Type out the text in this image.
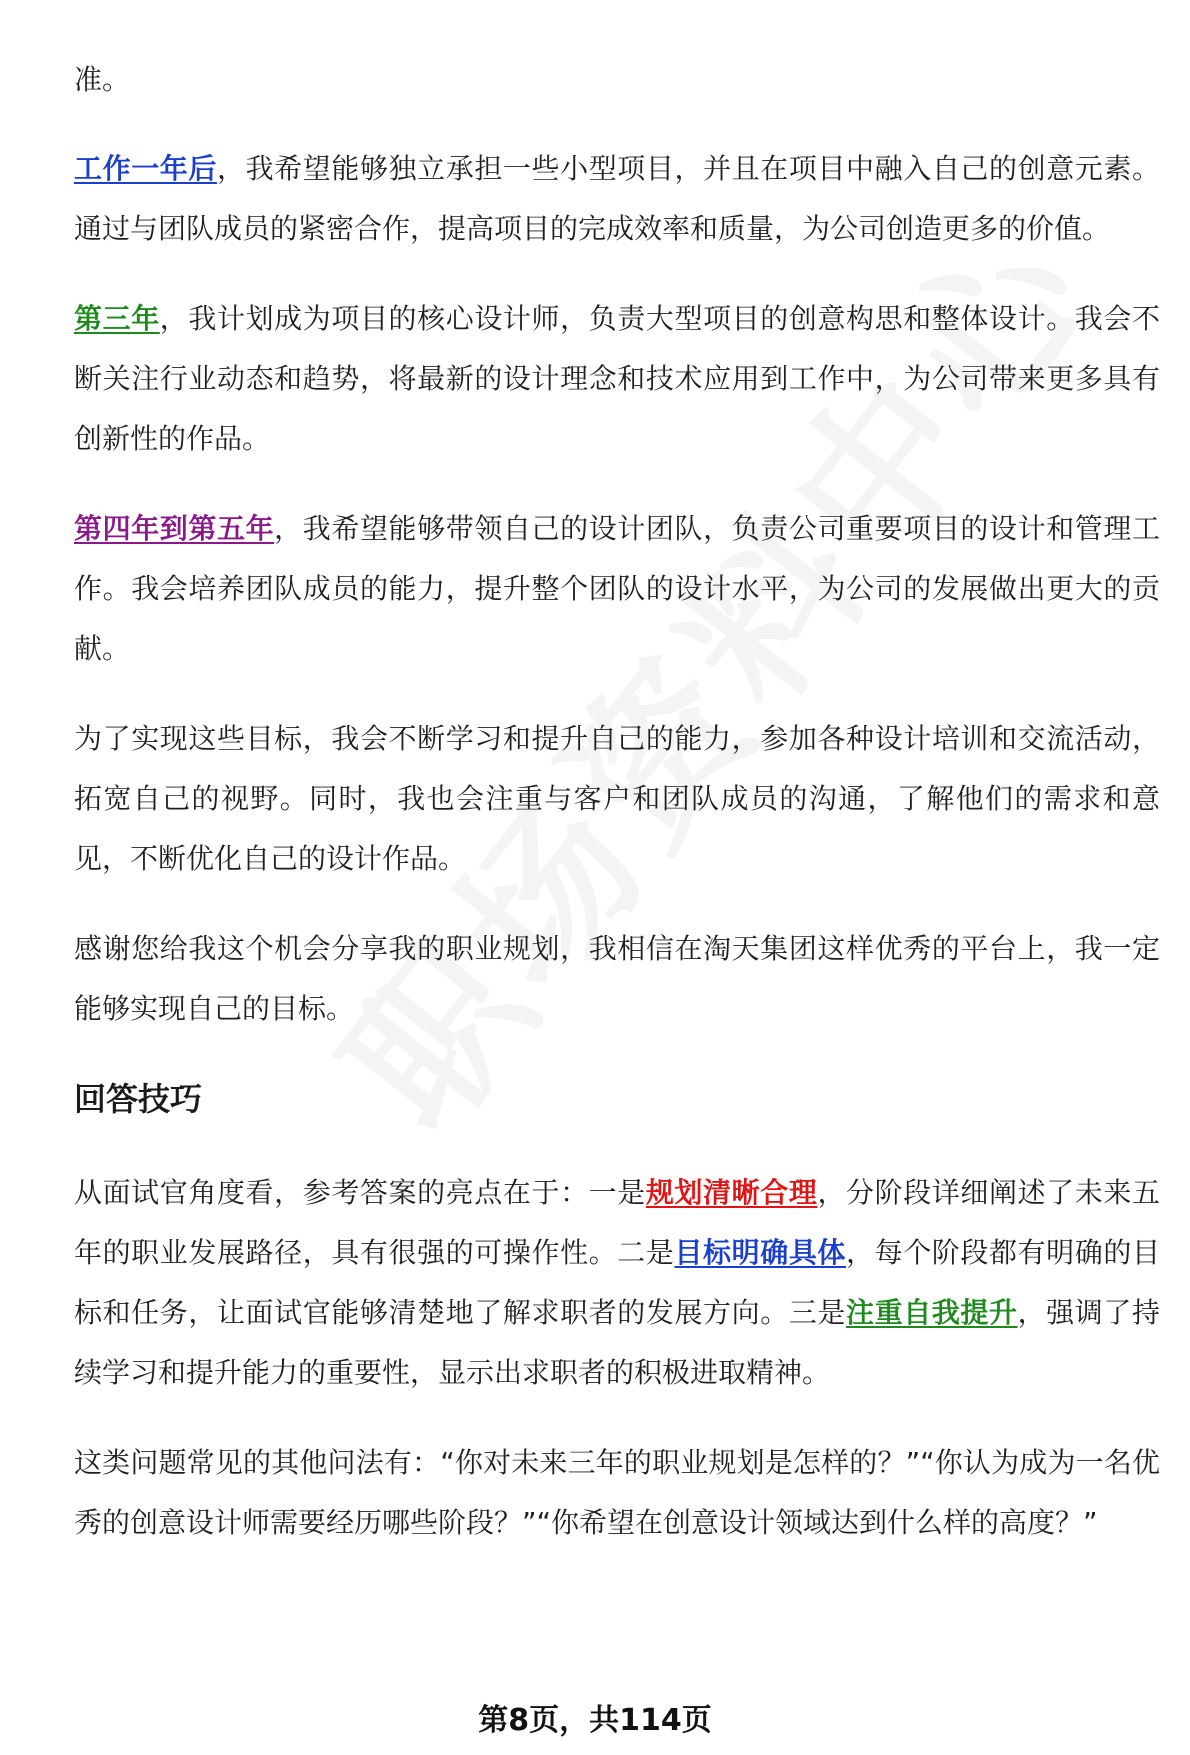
准。

工作一年后，我希望能够独立承担一些小型项目，并且在项目中融入自己的创意元素。通过与团队成员的紧密合作，提高项目的完成效率和质量，为公司创造更多的价值。

第三年，我计划成为项目的核心设计师，负责大型项目的创意构思和整体设计。我会不断关注行业动态和趋势，将最新的设计理念和技术应用到工作中，为公司带来更多具有创新性的作品。

第四年到第五年，我希望能够带领自己的设计团队，负责公司重要项目的设计和管理工作。我会培养团队成员的能力，提升整个团队的设计水平，为公司的发展做出更大的贡献。

为了实现这些目标，我会不断学习和提升自己的能力，参加各种设计培训和交流活动，拓宽自己的视野。同时，我也会注重与客户和团队成员的沟通，了解他们的需求和意见，不断优化自己的设计作品。

感谢您给我这个机会分享我的职业规划，我相信在淘天集团这样优秀的平台上，我一定能够实现自己的目标。

回答技巧

从面试官角度看，参考答案的亮点在于：一是规划清晰合理，分阶段详细阐述了未来五年的职业发展路径，具有很强的可操作性。二是目标明确具体，每个阶段都有明确的目标和任务，让面试官能够清楚地了解求职者的发展方向。三是注重自我提升，强调了持续学习和提升能力的重要性，显示出求职者的积极进取精神。

这类问题常见的其他问法有：“你对未来三年的职业规划是怎样的？”“你认为成为一名优秀的创意设计师需要经历哪些阶段？”“你希望在创意设计领域达到什么样的高度？”

第8页，共114页
